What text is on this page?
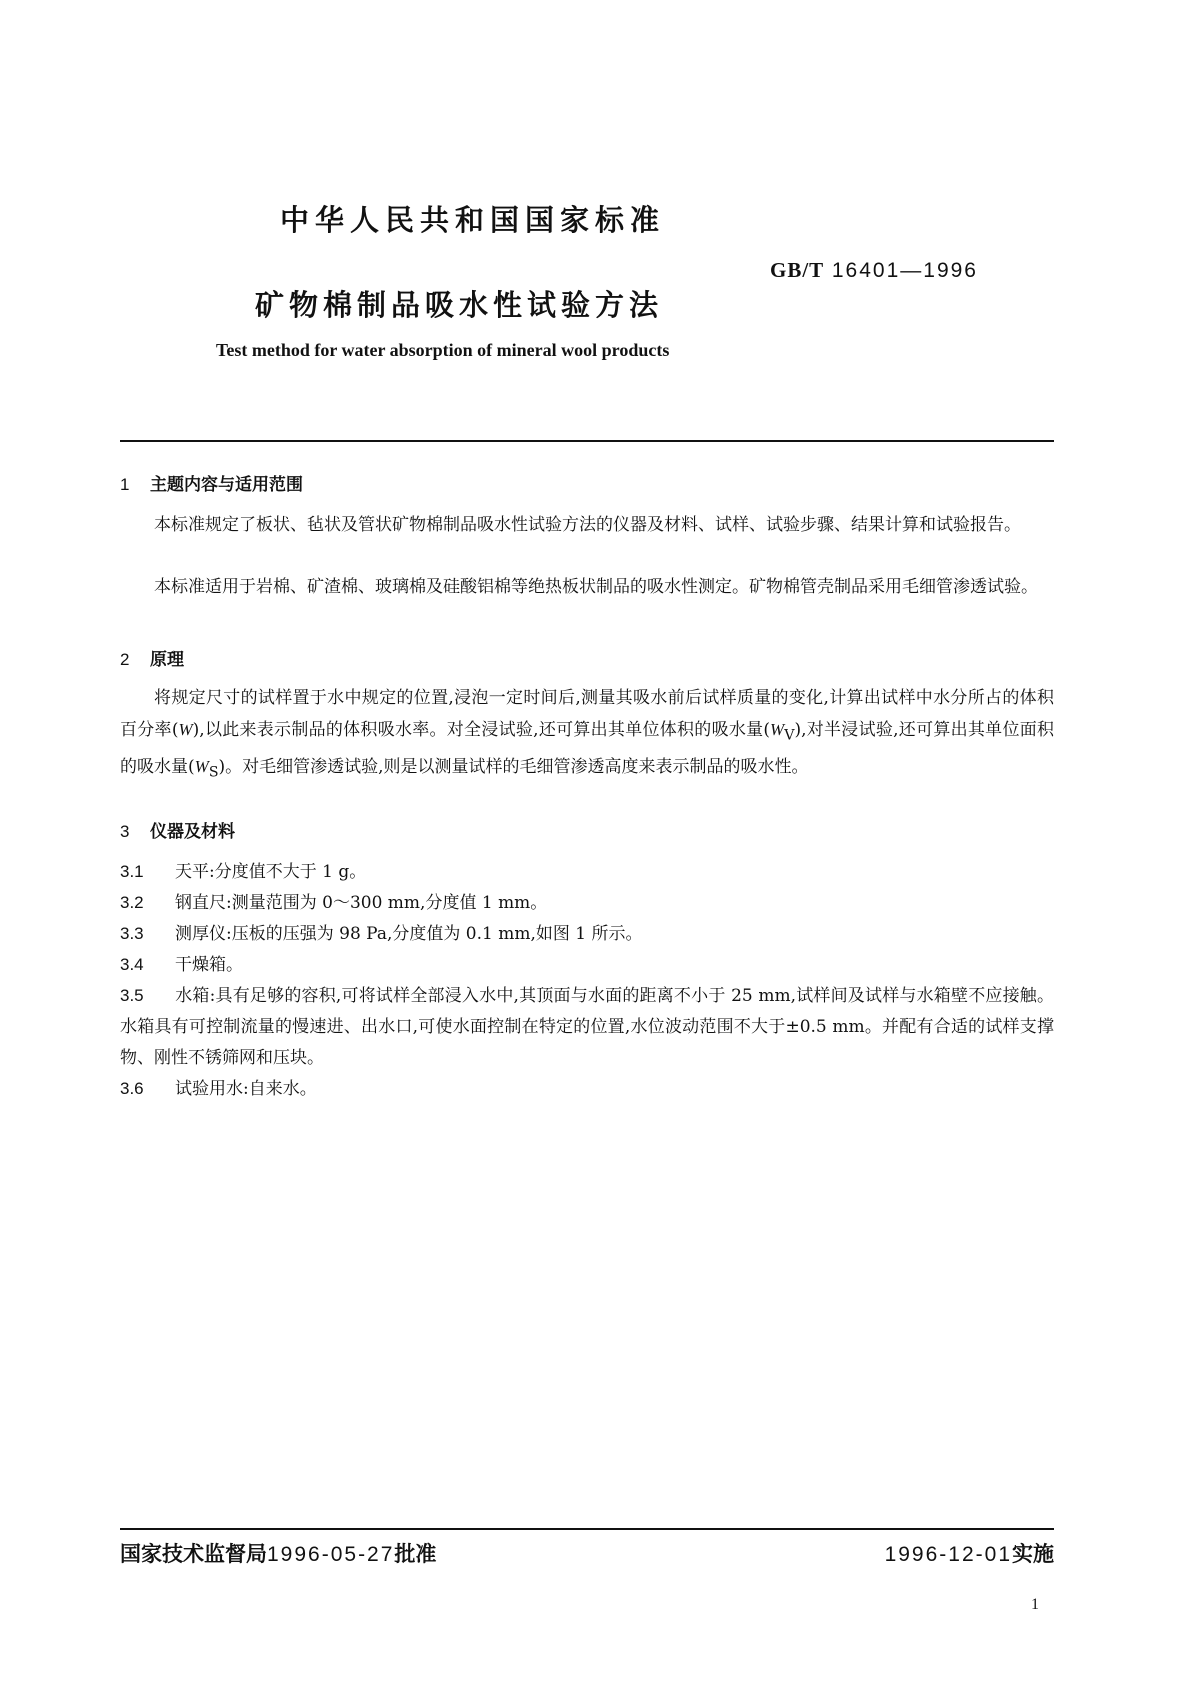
中华人民共和国国家标准
GB/T 16401—1996
矿物棉制品吸水性试验方法
Test method for water absorption of mineral wool products
1 主题内容与适用范围
本标准规定了板状、毡状及管状矿物棉制品吸水性试验方法的仪器及材料、试样、试验步骤、结果计算和试验报告。
本标准适用于岩棉、矿渣棉、玻璃棉及硅酸铝棉等绝热板状制品的吸水性测定。矿物棉管壳制品采用毛细管渗透试验。
2 原理
将规定尺寸的试样置于水中规定的位置,浸泡一定时间后,测量其吸水前后试样质量的变化,计算出试样中水分所占的体积百分率(W),以此来表示制品的体积吸水率。对全浸试验,还可算出其单位体积的吸水量$(W_V)$,对半浸试验,还可算出其单位面积的吸水量$(W_S)$。对毛细管渗透试验,则是以测量试样的毛细管渗透高度来表示制品的吸水性。
3 仪器及材料
3.1 天平:分度值不大于 1 g。
3.2 钢直尺:测量范围为 0～300 mm,分度值 1 mm。
3.3 测厚仪:压板的压强为 98 Pa,分度值为 0.1 mm,如图 1 所示。
3.4 干燥箱。
3.5 水箱:具有足够的容积,可将试样全部浸入水中,其顶面与水面的距离不小于 25 mm,试样间及试样与水箱壁不应接触。水箱具有可控制流量的慢速进、出水口,可使水面控制在特定的位置,水位波动范围不大于±0.5 mm。并配有合适的试样支撑物、刚性不锈筛网和压块。
3.6 试验用水:自来水。
国家技术监督局1996-05-27批准	1996-12-01实施
1
